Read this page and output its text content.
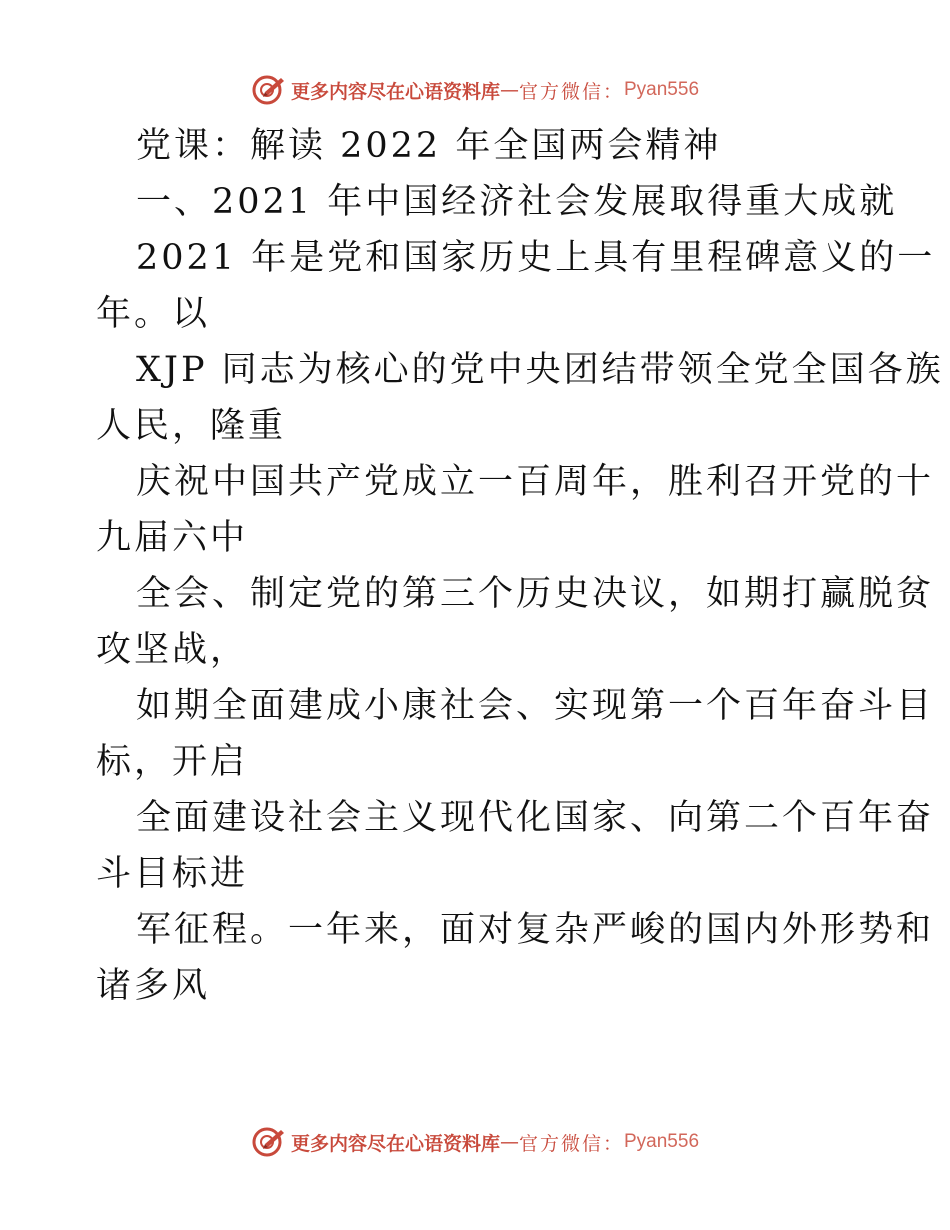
更多内容尽在心语资料库 — 官方微信： Pyan556
党课：解读 2022 年全国两会精神
一、2021 年中国经济社会发展取得重大成就
2021 年是党和国家历史上具有里程碑意义的一
年。以
XJP 同志为核心的党中央团结带领全党全国各族
人民，隆重
庆祝中国共产党成立一百周年，胜利召开党的十
九届六中
全会、制定党的第三个历史决议，如期打赢脱贫
攻坚战，
如期全面建成小康社会、实现第一个百年奋斗目
标，开启
全面建设社会主义现代化国家、向第二个百年奋
斗目标进
军征程。一年来，面对复杂严峻的国内外形势和
诸多风
更多内容尽在心语资料库 — 官方微信： Pyan556
